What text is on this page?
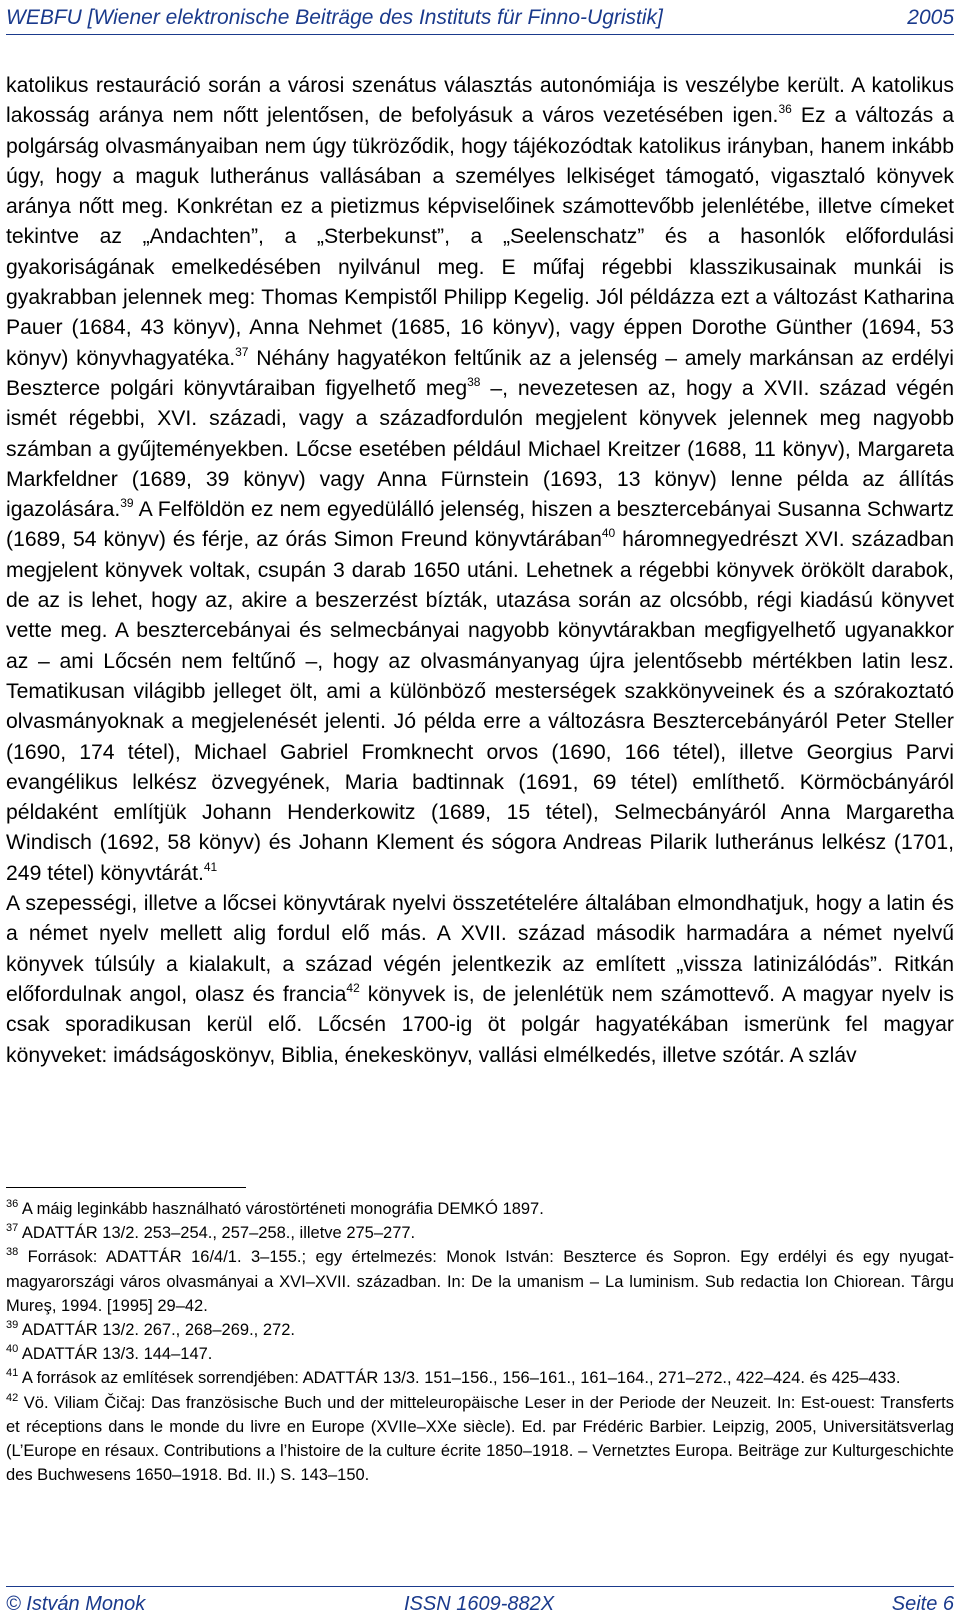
WEBFU [Wiener elektronische Beiträge des Instituts für Finno-Ugristik]	2005

katolikus restauráció során a városi szenátus választás autonómiája is veszélybe került. A katolikus lakosság aránya nem nőtt jelentősen, de befolyásuk a város vezetésében igen.$^{36}$ Ez a változás a polgárság olvasmányaiban nem úgy tükröződik, hogy tájékozódtak katolikus irányban, hanem inkább úgy, hogy a maguk lutheránus vallásában a személyes lelkiséget támogató, vigasztaló könyvek aránya nőtt meg. Konkrétan ez a pietizmus képviselőinek számottevőbb jelenlétébe, illetve címeket tekintve az „Andachten”, a „Sterbekunst”, a „Seelenschatz” és a hasonlók előfordulási gyakoriságának emelkedésében nyilvánul meg. E műfaj régebbi klasszikusainak munkái is gyakrabban jelennek meg: Thomas Kempistől Philipp Kegelig. Jól példázza ezt a változást Katharina Pauer (1684, 43 könyv), Anna Nehmet (1685, 16 könyv), vagy éppen Dorothe Günther (1694, 53 könyv) könyvhagyatéka.$^{37}$ Néhány hagyatékon feltűnik az a jelenség – amely markánsan az erdélyi Beszterce polgári könyvtáraiban figyelhető meg$^{38}$ –, nevezetesen az, hogy a XVII. század végén ismét régebbi, XVI. századi, vagy a századfordulón megjelent könyvek jelennek meg nagyobb számban a gyűjteményekben. Lőcse esetében például Michael Kreitzer (1688, 11 könyv), Margareta Markfeldner (1689, 39 könyv) vagy Anna Fürnstein (1693, 13 könyv) lenne példa az állítás igazolására.$^{39}$ A Felföldön ez nem egyedülálló jelenség, hiszen a besztercebányai Susanna Schwartz (1689, 54 könyv) és férje, az órás Simon Freund könyvtárában$^{40}$ háromnegyedrészt XVI. században megjelent könyvek voltak, csupán 3 darab 1650 utáni. Lehetnek a régebbi könyvek örökölt darabok, de az is lehet, hogy az, akire a beszerzést bízták, utazása során az olcsóbb, régi kiadású könyvet vette meg. A besztercebányai és selmecbányai nagyobb könyvtárakban megfigyelhető ugyanakkor az – ami Lőcsén nem feltűnő –, hogy az olvasmányanyag újra jelentősebb mértékben latin lesz. Tematikusan világibb jelleget ölt, ami a különböző mesterségek szakkönyveinek és a szórakoztató olvasmányoknak a megjelenését jelenti. Jó példa erre a változásra Besztercebányáról Peter Steller (1690, 174 tétel), Michael Gabriel Fromknecht orvos (1690, 166 tétel), illetve Georgius Parvi evangélikus lelkész özvegyének, Maria badtinnak (1691, 69 tétel) említhető. Körmöcbányáról példaként említjük Johann Henderkowitz (1689, 15 tétel), Selmecbányáról Anna Margaretha Windisch (1692, 58 könyv) és Johann Klement és sógora Andreas Pilarik lutheránus lelkész (1701, 249 tétel) könyvtárát.$^{41}$

A szepességi, illetve a lőcsei könyvtárak nyelvi összetételére általában elmondhatjuk, hogy a latin és a német nyelv mellett alig fordul elő más. A XVII. század második harmadára a német nyelvű könyvek túlsúly a kialakult, a század végén jelentkezik az említett „vissza latinizálódás”. Ritkán előfordulnak angol, olasz és francia$^{42}$ könyvek is, de jelenlétük nem számottevő. A magyar nyelv is csak sporadikusan kerül elő. Lőcsén 1700-ig öt polgár hagyatékában ismerünk fel magyar könyveket: imádságoskönyv, Biblia, énekeskönyv, vallási elmélkedés, illetve szótár. A szláv

$^{36}$ A máig leginkább használható várostörténeti monográfia DEMKÓ 1897.

$^{37}$ ADATTÁR 13/2. 253–254., 257–258., illetve 275–277.

$^{38}$ Források: ADATTÁR 16/4/1. 3–155.; egy értelmezés: Monok István: Beszterce és Sopron. Egy erdélyi és egy nyugat-magyarországi város olvasmányai a XVI–XVII. században. In: De la umanism – La luminism. Sub redactia Ion Chiorean. Târgu Mureş, 1994. [1995] 29–42.

$^{39}$ ADATTÁR 13/2. 267., 268–269., 272.

$^{40}$ ADATTÁR 13/3. 144–147.

$^{41}$ A források az említések sorrendjében: ADATTÁR 13/3. 151–156., 156–161., 161–164., 271–272., 422–424. és 425–433.

$^{42}$ Vö. Viliam Čičaj: Das französische Buch und der mitteleuropäische Leser in der Periode der Neuzeit. In: Est-ouest: Transferts et réceptions dans le monde du livre en Europe (XVIIe–XXe siècle). Ed. par Frédéric Barbier. Leipzig, 2005, Universitätsverlag (L’Europe en résaux. Contributions a l’histoire de la culture écrite 1850–1918. – Vernetztes Europa. Beiträge zur Kulturgeschichte des Buchwesens 1650–1918. Bd. II.) S. 143–150.

© István Monok	ISSN 1609-882X	Seite 6
